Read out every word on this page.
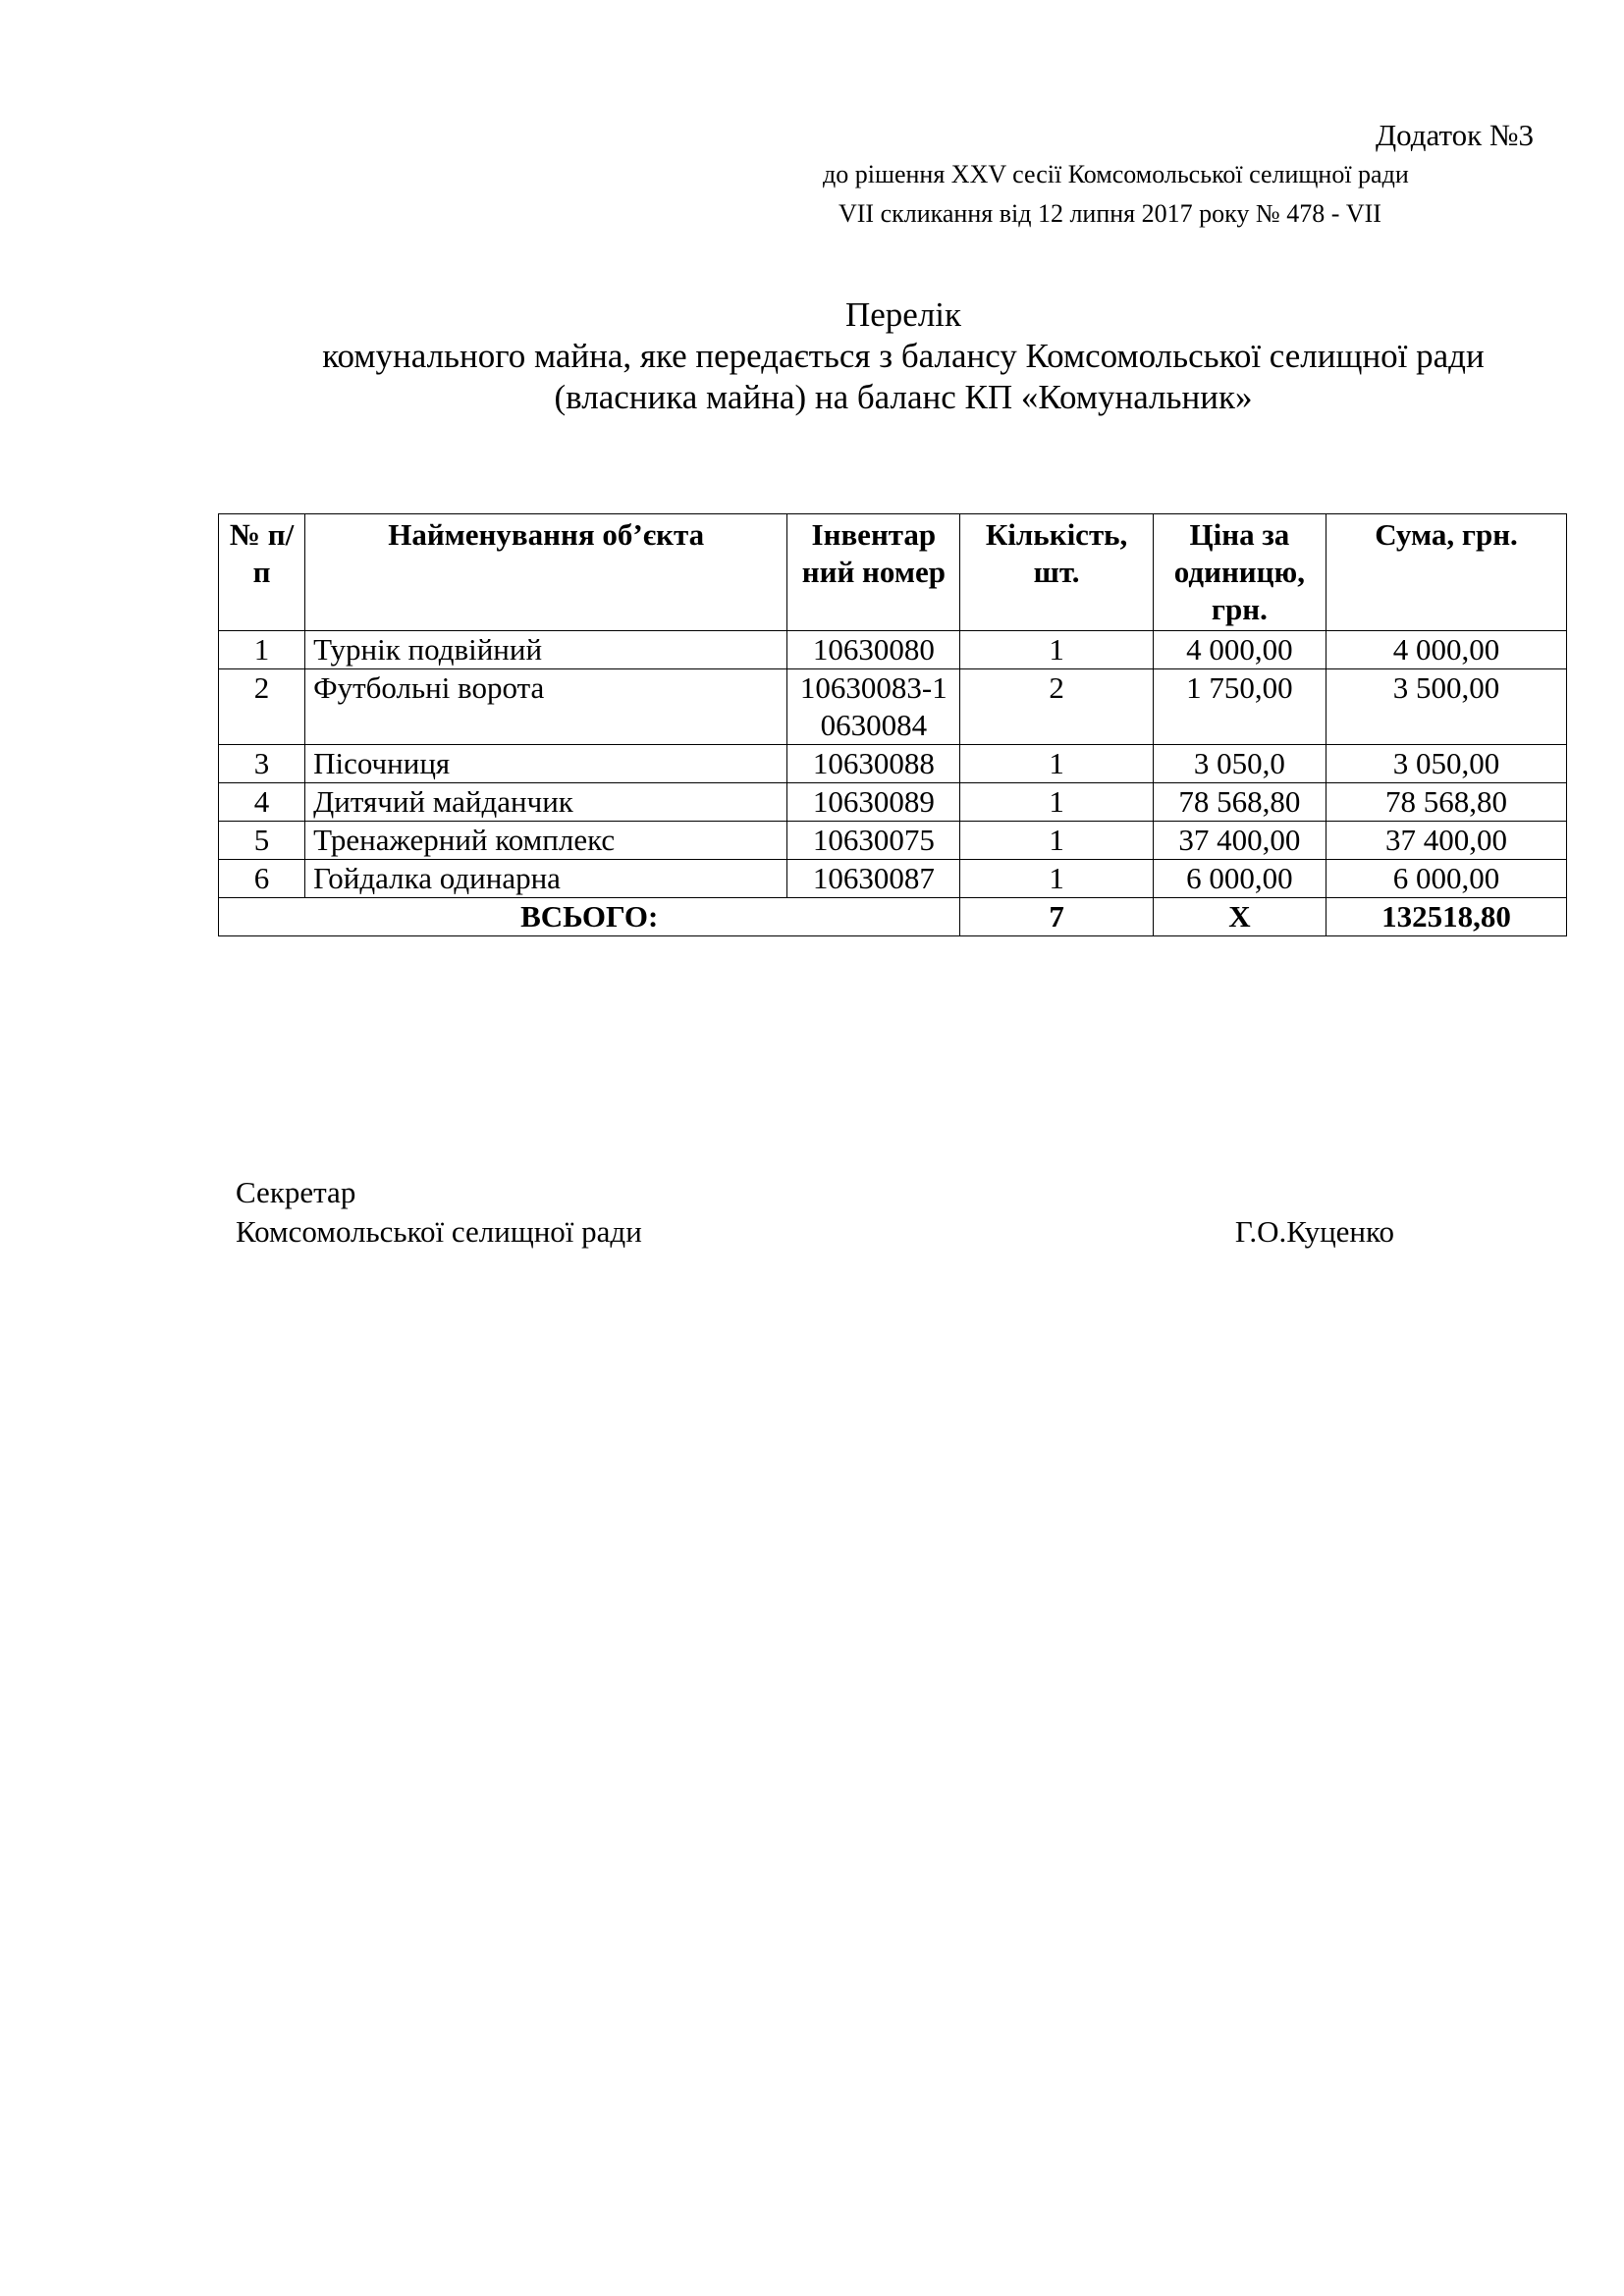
Додаток №3
до рішення XXV сесії Комсомольської селищної ради
VII скликання від 12 липня 2017 року № 478 - VII
Перелік
комунального майна, яке передається з балансу Комсомольської селищної ради
(власника майна) на баланс КП «Комунальник»
№ п/п	Найменування об’єкта	Інвентар ний номер	Кількість, шт.	Ціна за одиницю, грн.	Сума, грн.
1	Турнік подвійний	10630080	1	4 000,00	4 000,00
2	Футбольні ворота	10630083-10630084	2	1 750,00	3 500,00
3	Пісочниця	10630088	1	3 050,0	3 050,00
4	Дитячий майданчик	10630089	1	78 568,80	78 568,80
5	Тренажерний комплекс	10630075	1	37 400,00	37 400,00
6	Гойдалка одинарна	10630087	1	6 000,00	6 000,00
ВСЬОГО:			7	Х	132518,80
Секретар
Комсомольської селищної ради	Г.О.Куценко
